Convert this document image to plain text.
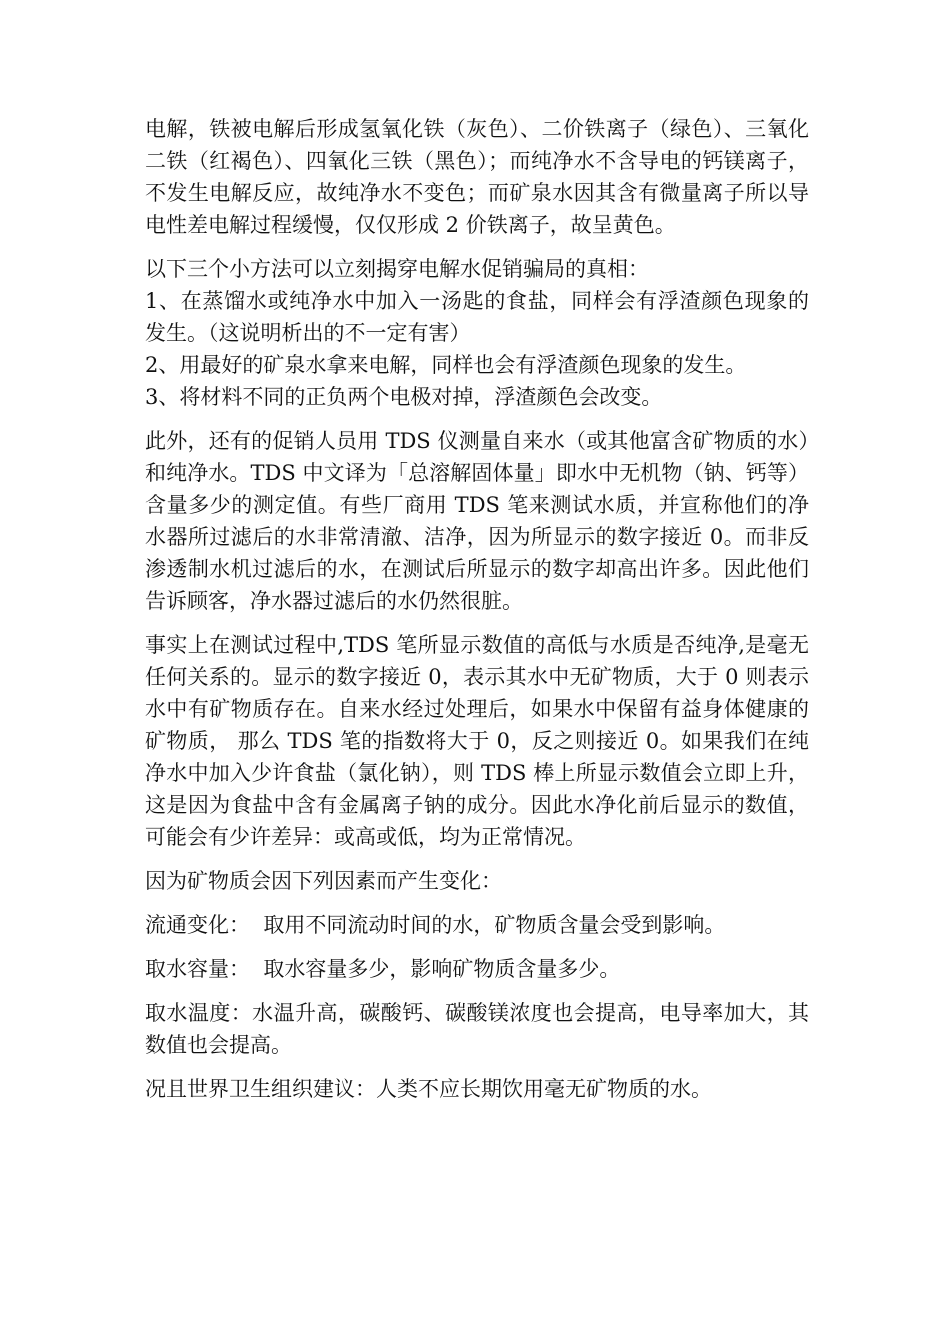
电解，铁被电解后形成氢氧化铁（灰色）、二价铁离子（绿色）、三氧化二铁（红褐色）、四氧化三铁（黑色）；而纯净水不含导电的钙镁离子，不发生电解反应，故纯净水不变色；而矿泉水因其含有微量离子所以导电性差电解过程缓慢，仅仅形成 2 价铁离子，故呈黄色。

以下三个小方法可以立刻揭穿电解水促销骗局的真相：

1、在蒸馏水或纯净水中加入一汤匙的食盐，同样会有浮渣颜色现象的发生。（这说明析出的不一定有害）

2、用最好的矿泉水拿来电解，同样也会有浮渣颜色现象的发生。

3、将材料不同的正负两个电极对掉，浮渣颜色会改变。

此外，还有的促销人员用 TDS 仪测量自来水（或其他富含矿物质的水）和纯净水。TDS 中文译为「总溶解固体量」即水中无机物（钠、钙等）含量多少的测定值。有些厂商用 TDS 笔来测试水质，并宣称他们的净水器所过滤后的水非常清澈、洁净，因为所显示的数字接近 0。而非反渗透制水机过滤后的水，在测试后所显示的数字却高出许多。因此他们告诉顾客，净水器过滤后的水仍然很脏。

事实上在测试过程中,TDS 笔所显示数值的高低与水质是否纯净,是毫无任何关系的。显示的数字接近 0，表示其水中无矿物质，大于 0 则表示水中有矿物质存在。自来水经过处理后，如果水中保留有益身体健康的矿物质， 那么 TDS 笔的指数将大于 0，反之则接近 0。如果我们在纯净水中加入少许食盐（氯化钠），则 TDS 棒上所显示数值会立即上升，这是因为食盐中含有金属离子钠的成分。因此水净化前后显示的数值，可能会有少许差异：或高或低，均为正常情况。

因为矿物质会因下列因素而产生变化：

流通变化：  取用不同流动时间的水，矿物质含量会受到影响。

取水容量：  取水容量多少，影响矿物质含量多少。

取水温度：水温升高，碳酸钙、碳酸镁浓度也会提高，电导率加大，其数值也会提高。

况且世界卫生组织建议：人类不应长期饮用毫无矿物质的水。
